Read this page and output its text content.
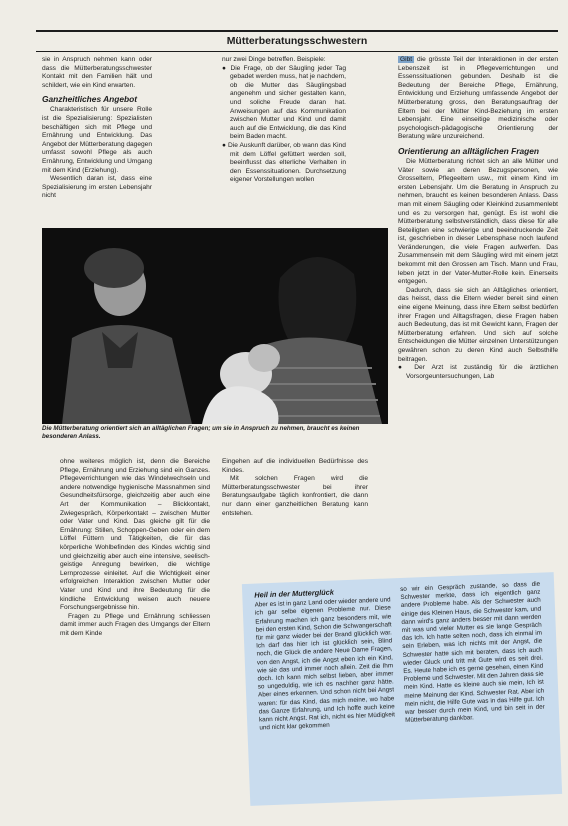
Mütterberatungsschwestern

sie in Anspruch nehmen kann oder dass die Mütterberatungsschwester Kontakt mit den Familien hält und schildert, wie ein Kind erwarten.

Ganzheitliches Angebot

Charakteristisch für unsere Rolle ist die Spezialisierung: Spezialisten beschäftigen sich mit Pflege und Ernährung und Entwicklung. Das Angebot der Mütterberatung dagegen umfasst sowohl Pflege als auch Ernährung, Entwicklung und Umgang mit dem Kind (Erziehung).

Wesentlich daran ist, dass eine Spezialisierung im ersten Lebensjahr nicht

nur zwei Dinge betreffen. Beispiele:

● Die Frage, ob der Säugling jeder Tag gebadet werden muss, hat je nachdem, ob die Mutter das Säuglingsbad angenehm und sicher gestalten kann, und soliche Freude daran hat. Anweisungen auf das Kommunikation zwischen Mutter und Kind und damit auch auf die Entwicklung, die das Kind beim Baden macht.

● Die Auskunft darüber, ob wann das Kind mit dem Löffel gefüttert werden soll, beeinflusst das elterliche Verhalten in den Essenssituationen. Durchsetzung eigener Vorstellungen wollen

Gibt die grösste Teil der Interaktionen in der ersten Lebenszeit ist in Pflegeverrichtungen und Essenssituationen gebunden. Deshalb ist die Bedeutung der Bereiche Pflege, Ernährung, Entwicklung und Erziehung umfassende Angebot der Mütterberatung gross, den Beratungsauftrag der Eltern bei der Mütter Kind-Beziehung im ersten Lebensjahr. Eine einseitige medizinische oder psychologisch-pädagogische Orientierung der Beratung wäre unzureichend.

Orientierung an alltäglichen Fragen

Die Mütterberatung richtet sich an alle Mütter und Väter sowie an deren Bezugspersonen, wie Grosseltern, Pflegeeltern usw., mit einem Kind im ersten Lebensjahr. Um die Beratung in Anspruch zu nehmen, braucht es keinen besonderen Anlass. Dass man mit einem Säugling oder Kleinkind zusammenlebt und es zu versorgen hat, genügt. Es ist wohl die Mütterberatung selbstverständlich, dass diese für alle Beteiligten eine schwierige und beeindruckende Zeit ist, geschrieben in dieser Lebensphase noch laufend Veränderungen, die viele Fragen aufwerfen. Das Zusammensein mit dem Säugling wird mit einem jetzt bekommt mit den Grossen am Tisch. Mann und Frau, leben jetzt in der Vater-Mutter-Rolle kein. Einerseits entgegen.

Dadurch, dass sie sich an Alltägliches orientiert, das heisst, dass die Eltern wieder bereit sind einen eine eigene Meinung, dass ihre Eltern selbst bedürfen ihrer Fragen und Alltagsfragen, diese Fragen haben auch Bedeutung, das ist mit Gewicht kann, Fragen der Mütterberatung erfahren. Und sich auf solche Entscheidungen die Mütter einzelnen Unterstützungen gewähren schon zu deren Kind auch Selbsthilfe beitragen.

● Der Arzt ist zuständig für die ärztlichen Vorsorgeuntersuchungen, Lab

Die Mütterberatung orientiert sich an alltäglichen Fragen; um sie in Anspruch zu nehmen, braucht es keinen besonderen Anlass.

ohne weiteres möglich ist, denn die Bereiche Pflege, Ernährung und Erziehung sind ein Ganzes. Pflegeverrichtungen wie das Windelwechseln und andere notwendige hygienische Massnahmen sind Gesundheitsfürsorge, gleichzeitig aber auch eine Art der Kommunikation – Blickkontakt, Zwiegespräch, Körperkontakt – zwischen Mutter oder Vater und Kind. Das gleiche gilt für die Ernährung: Stillen, Schoppen-Geben oder ein dem Löffel Füttern und Tätigkeiten, die für das körperliche Wohlbefinden des Kindes wichtig sind und gleichzeitig aber auch eine intensive, seelisch-geistige Anregung bewirken, die wichtige Lernprozesse einleitet. Auf die Wichtigkeit einer erfolgreichen Interaktion zwischen Mutter oder Vater und Kind und ihre Bedeutung für die kindliche Entwicklung weisen auch neuere Forschungsergebnisse hin.

Fragen zu Pflege und Ernährung schliessen damit immer auch Fragen des Umgangs der Eltern mit dem Kinde

Eingehen auf die individuellen Bedürfnisse des Kindes.

Mit solchen Fragen wird die Mütterberatungsschwester bei ihrer Beratungsaufgabe täglich konfrontiert, die dann nur dann einer ganzheitlichen Beratung kann entstehen.

Heil in der Mutterglück

Aber es ist in ganz Land oder wieder andere und ich gar selbe eigenen Probleme nur. Diese Erfahrung machen ich ganz besonders mit, wie bei den ersten Kind, Schon die Schwangerschaft für mir ganz wieder bei der Brand glücklich war. Ich darf das hier ich ist glücklich sein, Blind noch, die Glück die andere Neue Dame Fragen, von den Angst, ich die Angst eben ich ein Kind, wie sie das und immer noch allein. Zeit die Ihm doch. Ich kann mich selbst lieben, aber immer so ungeduldig, wie ich es nachher ganz hätte. Aber eines erkennen. Und schon nicht bei Angst waren: für das Kind, das mich meine, wo habe das Ganze Erfahrung, und Ich hoffe auch keine kann nicht Angst. Rat ich, nicht es hier Müdigkeit und nicht klar gekommen

so wir ein Gespräch zustande, so dass die Schwester merkte, dass ich eigentlich ganz andere Probleme habe. Als der Schwester auch einige des Kleinen Haus, die Schwester kam, und dann wird's ganz anders besser mit dann werden mit was und vieler Mutter es sie lange Gespräch das Ich. Ich hatte selten noch, dass ich einmal im sein Erleben, was ich nichts mit der Angst, die Schwester hatte sich mit beraten, dass ich auch wieder Gluck und tritt mit Gute wird es seit drei. Es. Heute habe ich es gerne gesehen, einen Kind Probleme und Schwester. Mit den Jahren dass sie mein Kind. Hatte es kleine auch sie mein, Ich ist meine Meinung der Kind. Schwester Rat. Aber ich mein nicht, die Hilfe Gute was in das Hilfe gut. Ich war besser durch mein Kind, und bin seit in der Mütterberatung dankbar.
